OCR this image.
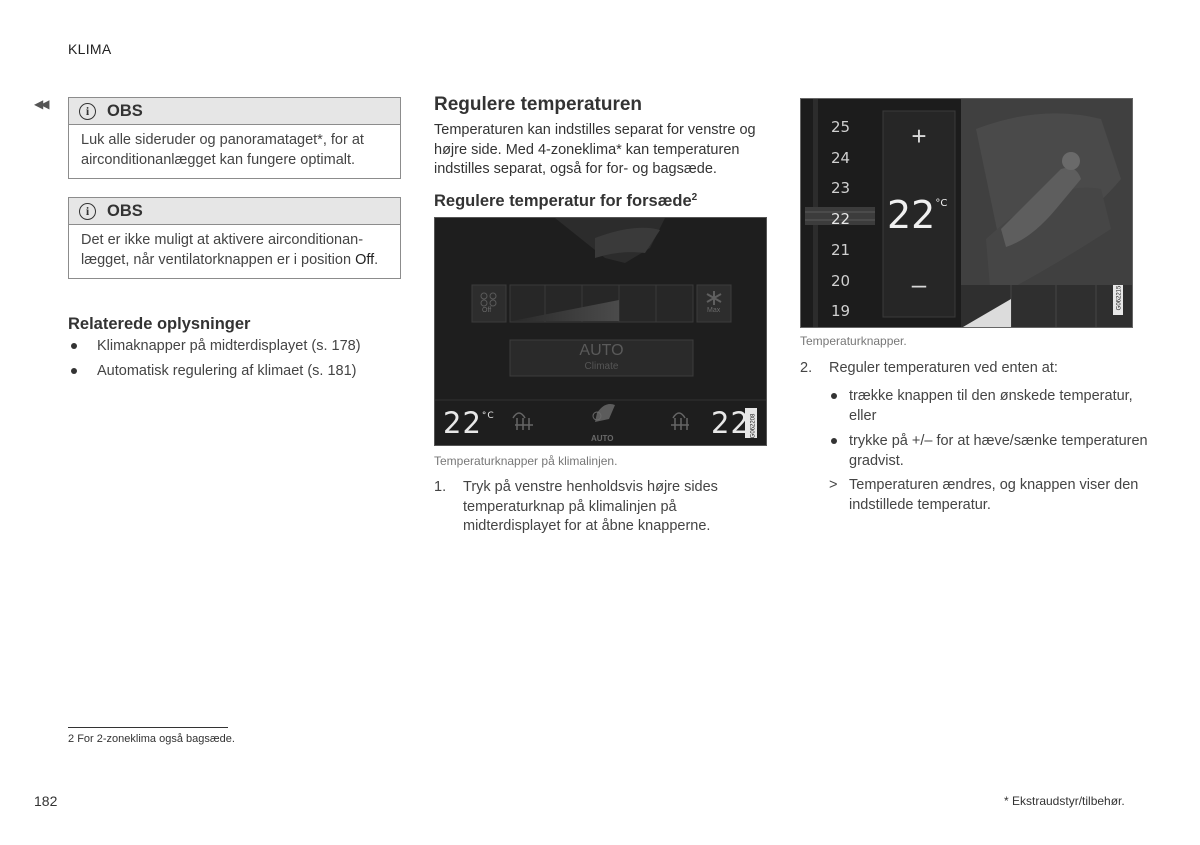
KLIMA
◀◀	i	OBS
Luk alle sideruder og panoramataget*, for at airconditionanlægget kan fungere optimalt.
i	OBS
Det er ikke muligt at aktivere airconditionan-lægget, når ventilatorknappen er i position Off.
Relaterede oplysninger
Klimaknapper på midterdisplayet (s. 178)
Automatisk regulering af klimaet (s. 181)
Regulere temperaturen
Temperaturen kan indstilles separat for venstre og højre side. Med 4-zoneklima* kan temperaturen indstilles separat, også for for- og bagsæde.
Regulere temperatur for forsæde$^2$
Off	Max
AUTO
Climate
$22^{^\circ C}$
AUTO	22 G062208
Temperaturknapper på klimalinjen.
1.	Tryk på venstre henholdsvis højre sides temperaturknap på klimalinjen på midterdisplayet for at åbne knapperne.
25
24
23
22
21
20
19
+
$22^{^\circ C}$
–	G062215
Temperaturknapper.
2.	Reguler temperaturen ved enten at:
trække knappen til den ønskede temperatur, eller
trykke på +/– for at hæve/sænke temperaturen gradvist.
> Temperaturen ændres, og knappen viser den indstillede temperatur.
2 For 2-zoneklima også bagsæde.
182	* Ekstraudstyr/tilbehør.
